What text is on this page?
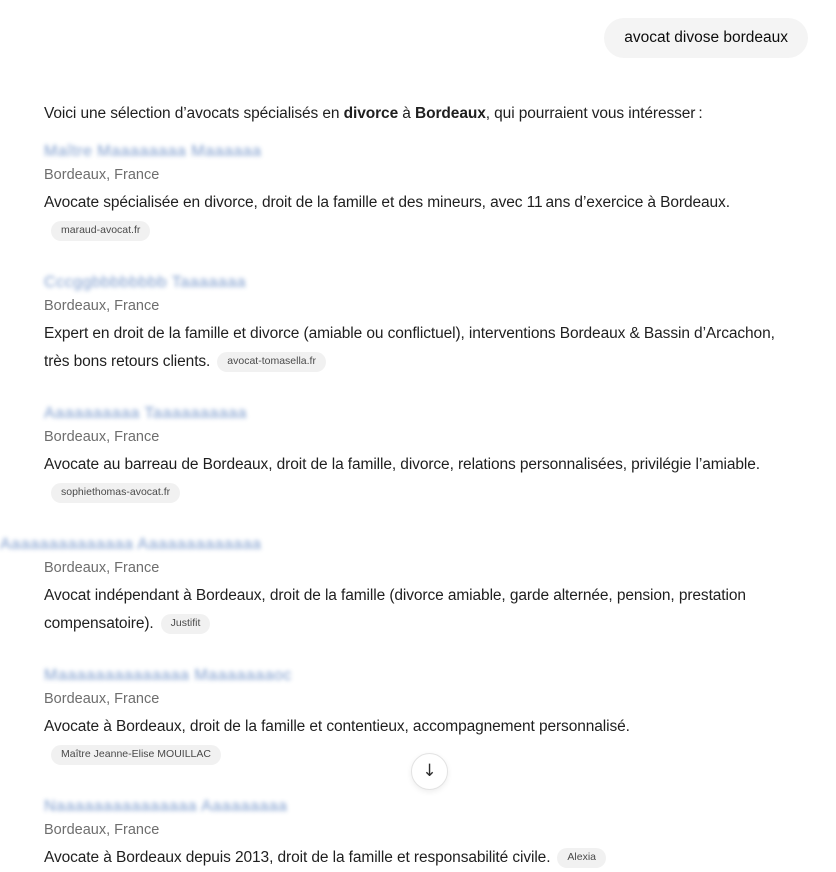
avocat divose bordeaux

Voici une sélection d’avocats spécialisés en divorce à Bordeaux, qui pourraient vous intéresser :

Maître Maaaaaaaa Maaaaaa
Bordeaux, France
Avocate spécialisée en divorce, droit de la famille et des mineurs, avec 11 ans d’exercice à Bordeaux.maraud-avocat.fr
Cccggbbbbbbbb Taaaaaaa
Bordeaux, France
Expert en droit de la famille et divorce (amiable ou conflictuel), interventions Bordeaux & Bassin d’Arcachon, très bons retours clients. avocat-tomasella.fr
Aaaaaaaaaa Taaaaaaaaaa
Bordeaux, France
Avocate au barreau de Bordeaux, droit de la famille, divorce, relations personnalisées, privilégie l’amiable.sophiethomas-avocat.fr
Aaaaaaaaaaaaaa Aaaaaaaaaaaaa
Bordeaux, France
Avocat indépendant à Bordeaux, droit de la famille (divorce amiable, garde alternée, pension, prestation compensatoire). Justifit
Maaaaaaaaaaaaaa Maaaaaaaoc
Bordeaux, France
Avocate à Bordeaux, droit de la famille et contentieux, accompagnement personnalisé.Maître Jeanne-Elise MOUILLAC
Naaaaaaaaaaaaaaa Aaaaaaaaa
Bordeaux, France
Avocate à Bordeaux depuis 2013, droit de la famille et responsabilité civile. Alexia
↓
